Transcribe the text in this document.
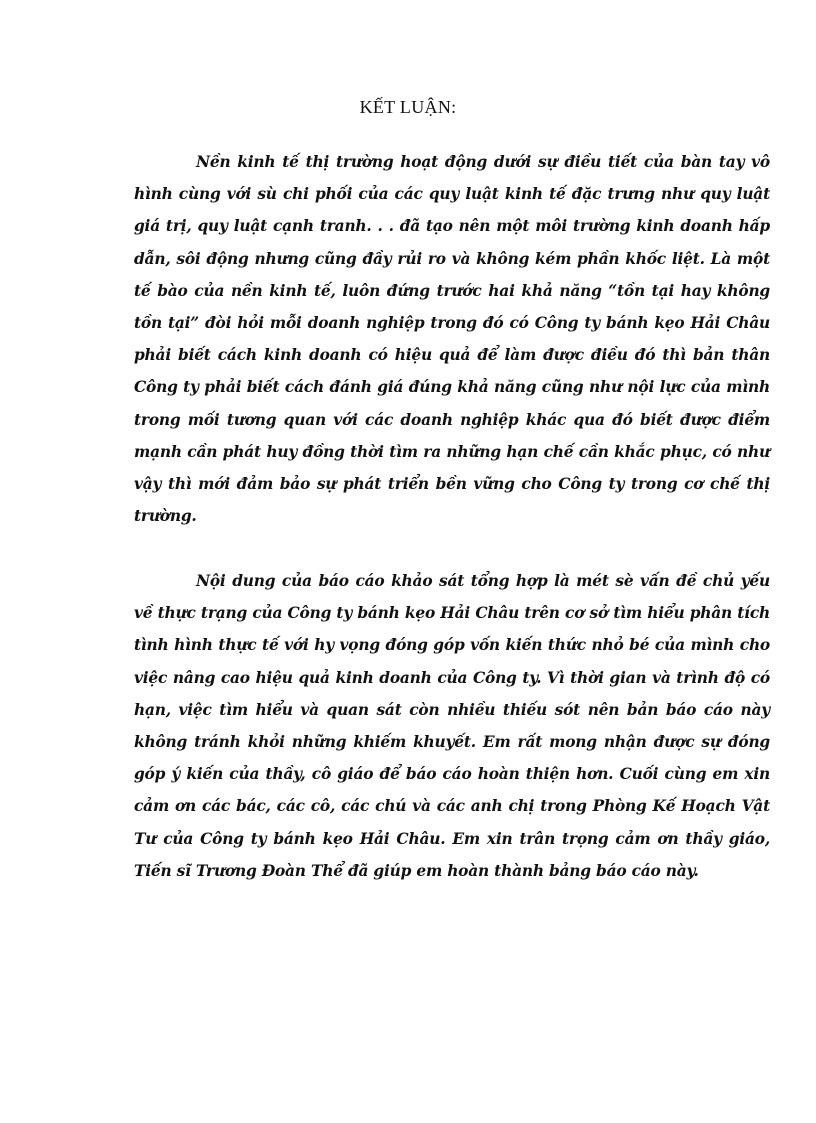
KẾT LUẬN:

Nền kinh tế thị trường hoạt động dưới sự điều tiết của bàn tay vô hình cùng với sù chi phối của các quy luật kinh tế đặc trưng như quy luật giá trị, quy luật cạnh tranh. . . đã tạo nên một môi trường kinh doanh hấp dẫn, sôi động nhưng cũng đầy rủi ro và không kém phần khốc liệt. Là một tế bào của nền kinh tế, luôn đứng trước hai khả năng “tồn tại hay không tồn tại” đòi hỏi mỗi doanh nghiệp trong đó có Công ty bánh kẹo Hải Châu phải biết cách kinh doanh có hiệu quả để làm được điều đó thì bản thân Công ty phải biết cách đánh giá đúng khả năng cũng như nội lực của mình trong mối tương quan với các doanh nghiệp khác qua đó biết được điểm mạnh cần phát huy đồng thời tìm ra những hạn chế cần khắc phục, có như vậy thì mới đảm bảo sự phát triển bền vững cho Công ty trong cơ chế thị trường.

Nội dung của báo cáo khảo sát tổng hợp là mét sè vấn đề chủ yếu về thực trạng của Công ty bánh kẹo Hải Châu trên cơ sở tìm hiểu phân tích tình hình thực tế với hy vọng đóng góp vốn kiến thức nhỏ bé của mình cho việc nâng cao hiệu quả kinh doanh của Công ty. Vì thời gian và trình độ có hạn, việc tìm hiểu và quan sát còn nhiều thiếu sót nên bản báo cáo này không tránh khỏi những khiếm khuyết. Em rất mong nhận được sự đóng góp ý kiến của thầy, cô giáo để báo cáo hoàn thiện hơn. Cuối cùng em xin cảm ơn các bác, các cô, các chú và các anh chị trong Phòng Kế Hoạch Vật Tư của Công ty bánh kẹo Hải Châu. Em xin trân trọng cảm ơn thầy giáo, Tiến sĩ Trương Đoàn Thể đã giúp em hoàn thành bảng báo cáo này.
